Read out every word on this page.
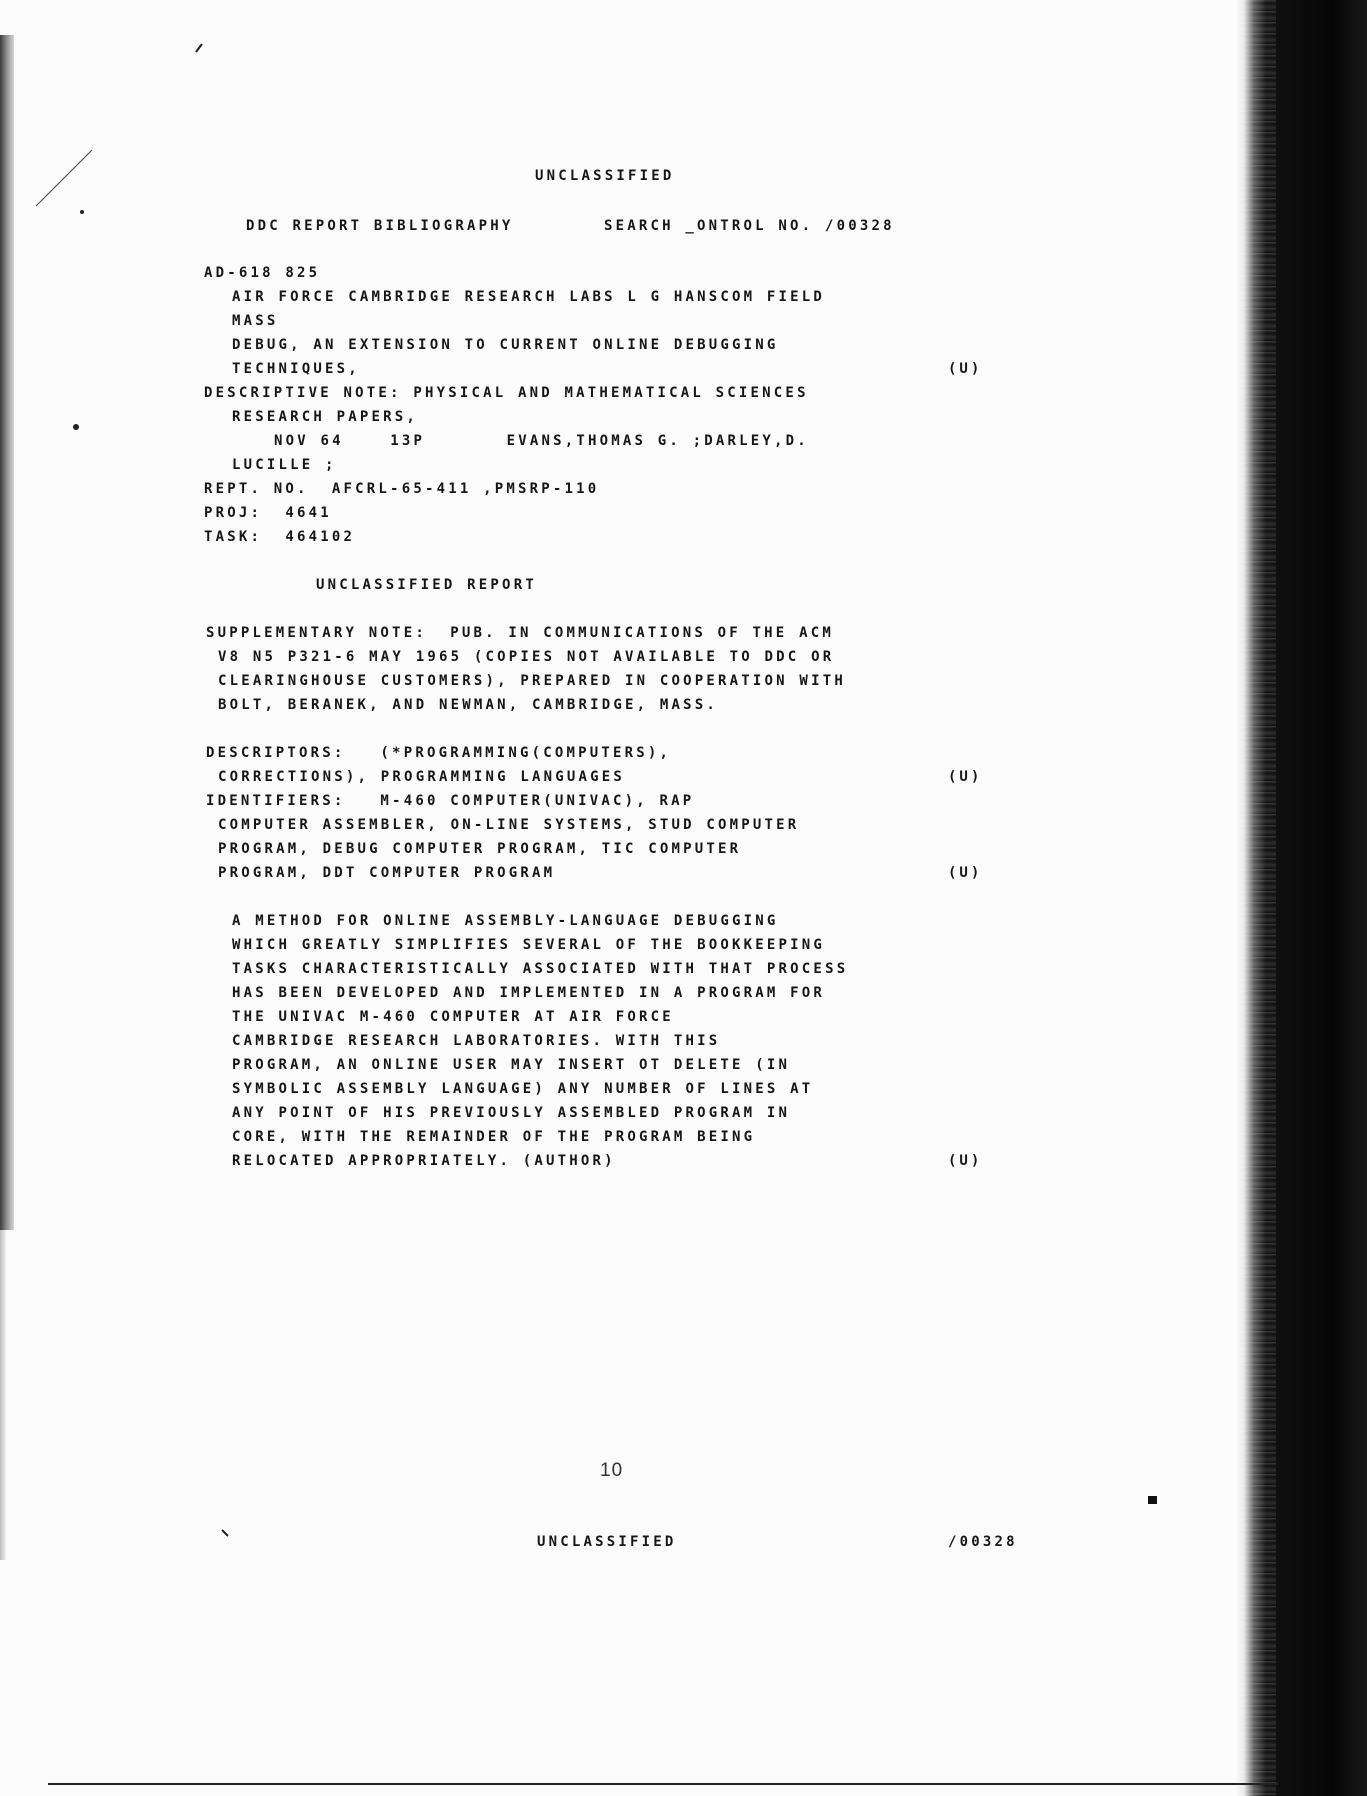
UNCLASSIFIED
DDC REPORT BIBLIOGRAPHY	SEARCH _ONTROL NO. /00328
AD-618 825
AIR FORCE CAMBRIDGE RESEARCH LABS L G HANSCOM FIELD
MASS
DEBUG, AN EXTENSION TO CURRENT ONLINE DEBUGGING
TECHNIQUES,	(U)
DESCRIPTIVE NOTE: PHYSICAL AND MATHEMATICAL SCIENCES
RESEARCH PAPERS,
NOV 64    13P       EVANS,THOMAS G. ;DARLEY,D.
LUCILLE ;
REPT. NO.  AFCRL-65-411 ,PMSRP-110
PROJ:  4641
TASK:  464102
UNCLASSIFIED REPORT
SUPPLEMENTARY NOTE:  PUB. IN COMMUNICATIONS OF THE ACM
V8 N5 P321-6 MAY 1965 (COPIES NOT AVAILABLE TO DDC OR
CLEARINGHOUSE CUSTOMERS), PREPARED IN COOPERATION WITH
BOLT, BERANEK, AND NEWMAN, CAMBRIDGE, MASS.
DESCRIPTORS:   (*PROGRAMMING(COMPUTERS),
CORRECTIONS), PROGRAMMING LANGUAGES	(U)
IDENTIFIERS:   M-460 COMPUTER(UNIVAC), RAP
COMPUTER ASSEMBLER, ON-LINE SYSTEMS, STUD COMPUTER
PROGRAM, DEBUG COMPUTER PROGRAM, TIC COMPUTER
PROGRAM, DDT COMPUTER PROGRAM	(U)
A METHOD FOR ONLINE ASSEMBLY-LANGUAGE DEBUGGING
WHICH GREATLY SIMPLIFIES SEVERAL OF THE BOOKKEEPING
TASKS CHARACTERISTICALLY ASSOCIATED WITH THAT PROCESS
HAS BEEN DEVELOPED AND IMPLEMENTED IN A PROGRAM FOR
THE UNIVAC M-460 COMPUTER AT AIR FORCE
CAMBRIDGE RESEARCH LABORATORIES. WITH THIS
PROGRAM, AN ONLINE USER MAY INSERT OT DELETE (IN
SYMBOLIC ASSEMBLY LANGUAGE) ANY NUMBER OF LINES AT
ANY POINT OF HIS PREVIOUSLY ASSEMBLED PROGRAM IN
CORE, WITH THE REMAINDER OF THE PROGRAM BEING
RELOCATED APPROPRIATELY. (AUTHOR)	(U)
10
UNCLASSIFIED	/00328
